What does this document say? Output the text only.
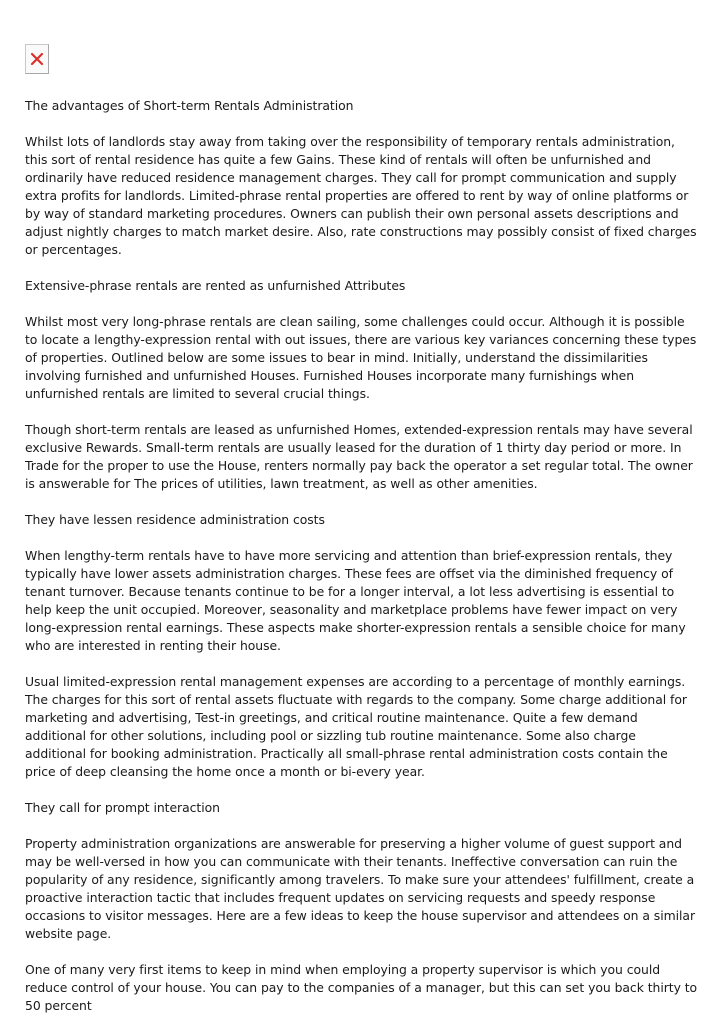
The advantages of Short-term Rentals Administration

Whilst lots of landlords stay away from taking over the responsibility of temporary rentals administration, this sort of rental residence has quite a few Gains. These kind of rentals will often be unfurnished and ordinarily have reduced residence management charges. They call for prompt communication and supply extra profits for landlords. Limited-phrase rental properties are offered to rent by way of online platforms or by way of standard marketing procedures. Owners can publish their own personal assets descriptions and adjust nightly charges to match market desire. Also, rate constructions may possibly consist of fixed charges or percentages.

Extensive-phrase rentals are rented as unfurnished Attributes

Whilst most very long-phrase rentals are clean sailing, some challenges could occur. Although it is possible to locate a lengthy-expression rental with out issues, there are various key variances concerning these types of properties. Outlined below are some issues to bear in mind. Initially, understand the dissimilarities involving furnished and unfurnished Houses. Furnished Houses incorporate many furnishings when unfurnished rentals are limited to several crucial things.

Though short-term rentals are leased as unfurnished Homes, extended-expression rentals may have several exclusive Rewards. Small-term rentals are usually leased for the duration of 1 thirty day period or more. In Trade for the proper to use the House, renters normally pay back the operator a set regular total. The owner is answerable for The prices of utilities, lawn treatment, as well as other amenities.

They have lessen residence administration costs

When lengthy-term rentals have to have more servicing and attention than brief-expression rentals, they typically have lower assets administration charges. These fees are offset via the diminished frequency of tenant turnover. Because tenants continue to be for a longer interval, a lot less advertising is essential to help keep the unit occupied. Moreover, seasonality and marketplace problems have fewer impact on very long-expression rental earnings. These aspects make shorter-expression rentals a sensible choice for many who are interested in renting their house.

Usual limited-expression rental management expenses are according to a percentage of monthly earnings. The charges for this sort of rental assets fluctuate with regards to the company. Some charge additional for marketing and advertising, Test-in greetings, and critical routine maintenance. Quite a few demand additional for other solutions, including pool or sizzling tub routine maintenance. Some also charge additional for booking administration. Practically all small-phrase rental administration costs contain the price of deep cleansing the home once a month or bi-every year.

They call for prompt interaction

Property administration organizations are answerable for preserving a higher volume of guest support and may be well-versed in how you can communicate with their tenants. Ineffective conversation can ruin the popularity of any residence, significantly among travelers. To make sure your attendees' fulfillment, create a proactive interaction tactic that includes frequent updates on servicing requests and speedy response occasions to visitor messages. Here are a few ideas to keep the house supervisor and attendees on a similar website page.

One of many very first items to keep in mind when employing a property supervisor is which you could reduce control of your house. You can pay to the companies of a manager, but this can set you back thirty to 50 percent
